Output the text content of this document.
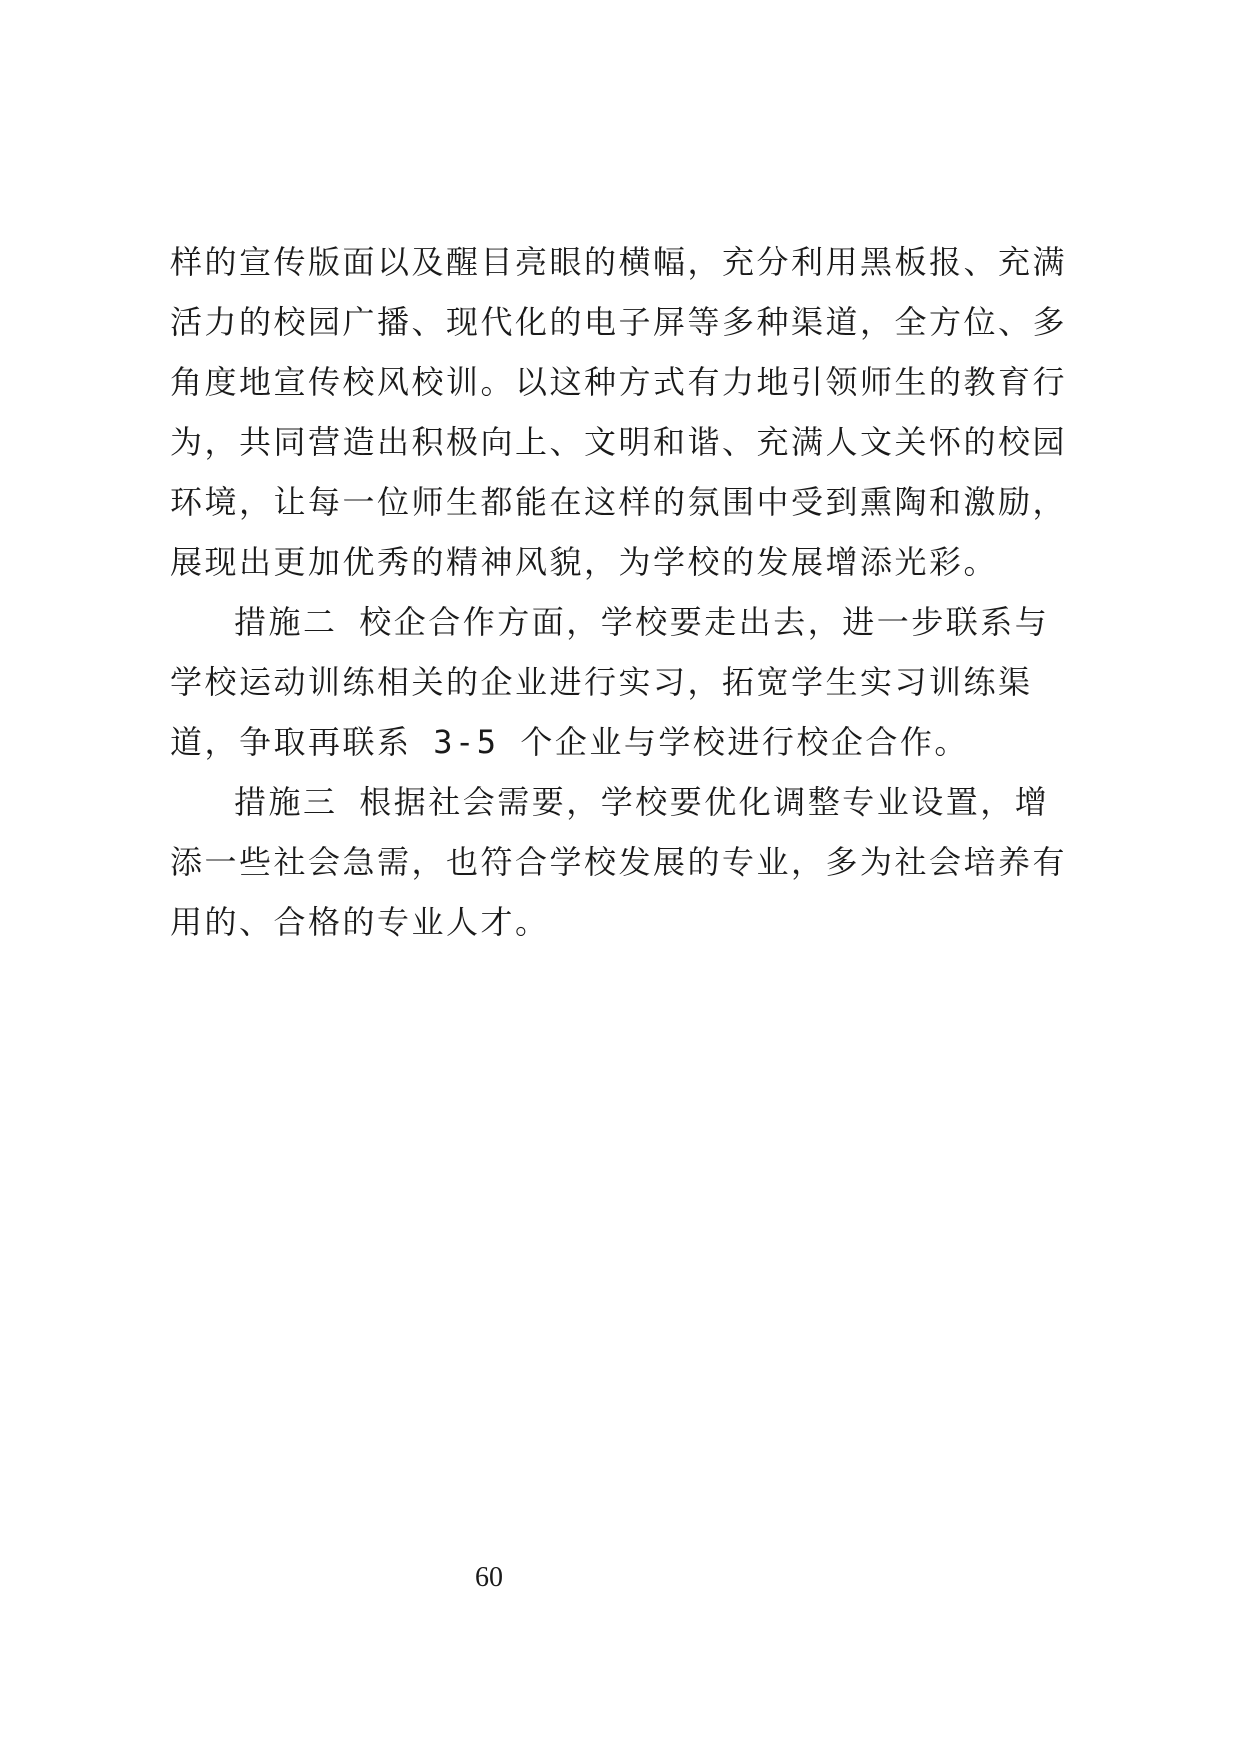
样的宣传版面以及醒目亮眼的横幅，充分利用黑板报、充满活力的校园广播、现代化的电子屏等多种渠道，全方位、多角度地宣传校风校训。以这种方式有力地引领师生的教育行为，共同营造出积极向上、文明和谐、充满人文关怀的校园环境，让每一位师生都能在这样的氛围中受到熏陶和激励，展现出更加优秀的精神风貌，为学校的发展增添光彩。

措施二 校企合作方面，学校要走出去，进一步联系与学校运动训练相关的企业进行实习，拓宽学生实习训练渠道，争取再联系 3-5 个企业与学校进行校企合作。

措施三 根据社会需要，学校要优化调整专业设置，增添一些社会急需，也符合学校发展的专业，多为社会培养有用的、合格的专业人才。

60
